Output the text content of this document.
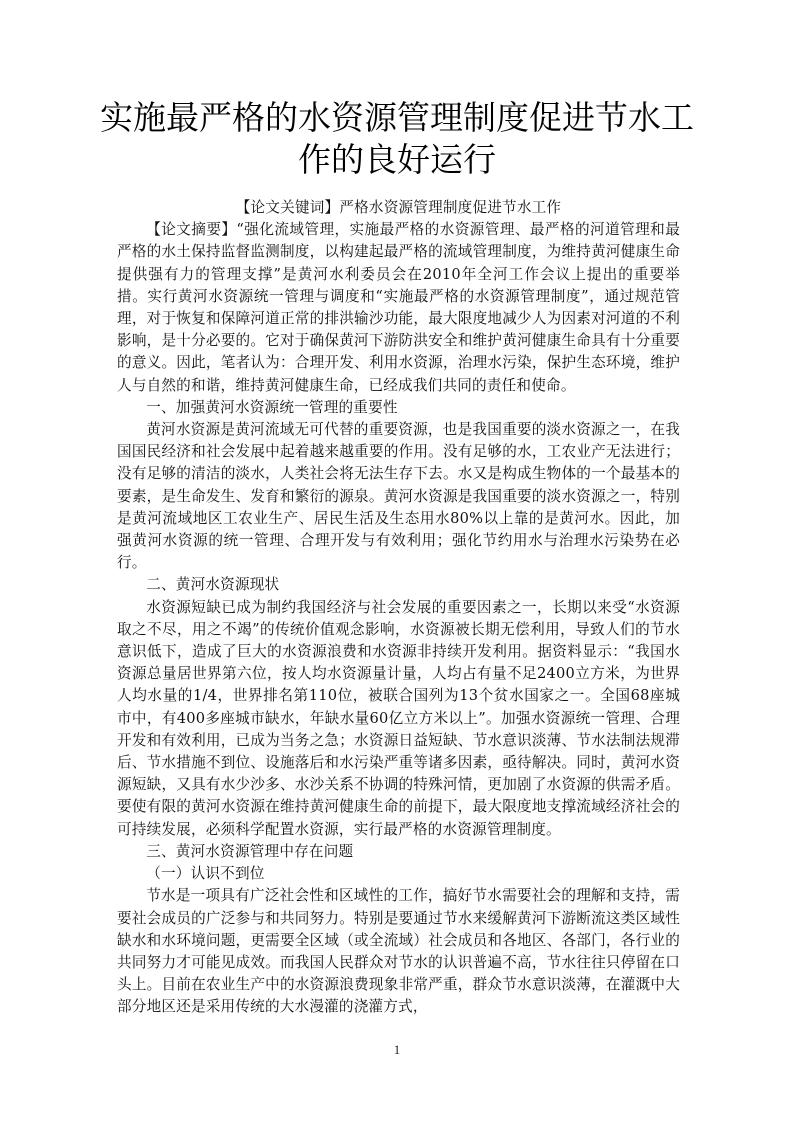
实施最严格的水资源管理制度促进节水工作的良好运行

【论文关键词】严格水资源管理制度促进节水工作

【论文摘要】“强化流域管理，实施最严格的水资源管理、最严格的河道管理和最严格的水土保持监督监测制度，以构建起最严格的流域管理制度，为维持黄河健康生命提供强有力的管理支撑”是黄河水利委员会在2010年全河工作会议上提出的重要举措。实行黄河水资源统一管理与调度和“实施最严格的水资源管理制度”，通过规范管理，对于恢复和保障河道正常的排洪输沙功能，最大限度地减少人为因素对河道的不利影响，是十分必要的。它对于确保黄河下游防洪安全和维护黄河健康生命具有十分重要的意义。因此，笔者认为：合理开发、利用水资源，治理水污染，保护生态环境，维护人与自然的和谐，维持黄河健康生命，已经成我们共同的责任和使命。

一、加强黄河水资源统一管理的重要性

黄河水资源是黄河流域无可代替的重要资源，也是我国重要的淡水资源之一，在我国国民经济和社会发展中起着越来越重要的作用。没有足够的水，工农业产无法进行；没有足够的清洁的淡水，人类社会将无法生存下去。水又是构成生物体的一个最基本的要素，是生命发生、发育和繁衍的源泉。黄河水资源是我国重要的淡水资源之一，特别是黄河流域地区工农业生产、居民生活及生态用水80%以上靠的是黄河水。因此，加强黄河水资源的统一管理、合理开发与有效利用；强化节约用水与治理水污染势在必行。

二、黄河水资源现状

水资源短缺已成为制约我国经济与社会发展的重要因素之一，长期以来受“水资源取之不尽，用之不竭”的传统价值观念影响，水资源被长期无偿利用，导致人们的节水意识低下，造成了巨大的水资源浪费和水资源非持续开发利用。据资料显示：“我国水资源总量居世界第六位，按人均水资源量计量，人均占有量不足2400立方米，为世界人均水量的1/4，世界排名第110位，被联合国列为13个贫水国家之一。全国68座城市中，有400多座城市缺水，年缺水量60亿立方米以上”。加强水资源统一管理、合理开发和有效利用，已成为当务之急；水资源日益短缺、节水意识淡薄、节水法制法规滞后、节水措施不到位、设施落后和水污染严重等诸多因素，亟待解决。同时，黄河水资源短缺，又具有水少沙多、水沙关系不协调的特殊河情，更加剧了水资源的供需矛盾。要使有限的黄河水资源在维持黄河健康生命的前提下，最大限度地支撑流域经济社会的可持续发展，必须科学配置水资源，实行最严格的水资源管理制度。

三、黄河水资源管理中存在问题

（一）认识不到位

节水是一项具有广泛社会性和区域性的工作，搞好节水需要社会的理解和支持，需要社会成员的广泛参与和共同努力。特别是要通过节水来缓解黄河下游断流这类区域性缺水和水环境问题，更需要全区域（或全流域）社会成员和各地区、各部门，各行业的共同努力才可能见成效。而我国人民群众对节水的认识普遍不高，节水往往只停留在口头上。目前在农业生产中的水资源浪费现象非常严重，群众节水意识淡薄，在灌溉中大部分地区还是采用传统的大水漫灌的浇灌方式，

1
